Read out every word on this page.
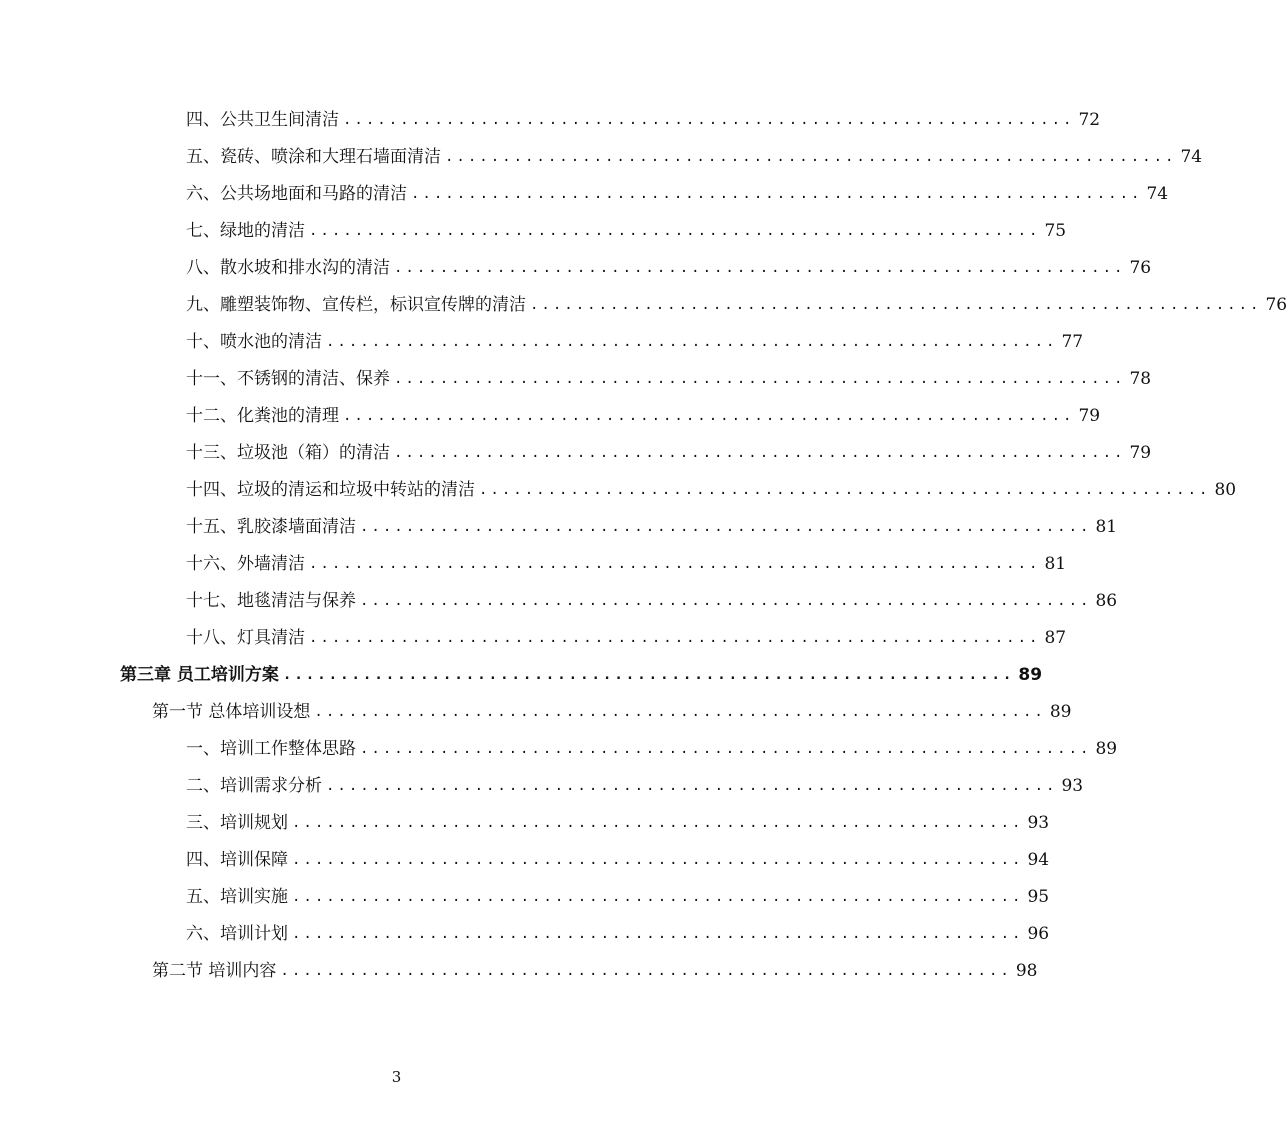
四、公共卫生间清洁 ................................................................ 72
五、瓷砖、喷涂和大理石墙面清洁 ................................................................ 74
六、公共场地面和马路的清洁 ................................................................ 74
七、绿地的清洁 ................................................................ 75
八、散水坡和排水沟的清洁 ................................................................ 76
九、雕塑装饰物、宣传栏，标识宣传牌的清洁 ................................................................ 76
十、喷水池的清洁 ................................................................ 77
十一、不锈钢的清洁、保养 ................................................................ 78
十二、化粪池的清理 ................................................................ 79
十三、垃圾池（箱）的清洁 ................................................................ 79
十四、垃圾的清运和垃圾中转站的清洁 ................................................................ 80
十五、乳胶漆墙面清洁 ................................................................ 81
十六、外墙清洁 ................................................................ 81
十七、地毯清洁与保养 ................................................................ 86
十八、灯具清洁 ................................................................ 87
第三章 员工培训方案 ................................................................ 89
第一节 总体培训设想 ................................................................ 89
一、培训工作整体思路 ................................................................ 89
二、培训需求分析 ................................................................ 93
三、培训规划 ................................................................ 93
四、培训保障 ................................................................ 94
五、培训实施 ................................................................ 95
六、培训计划 ................................................................ 96
第二节 培训内容 ................................................................ 98
3
